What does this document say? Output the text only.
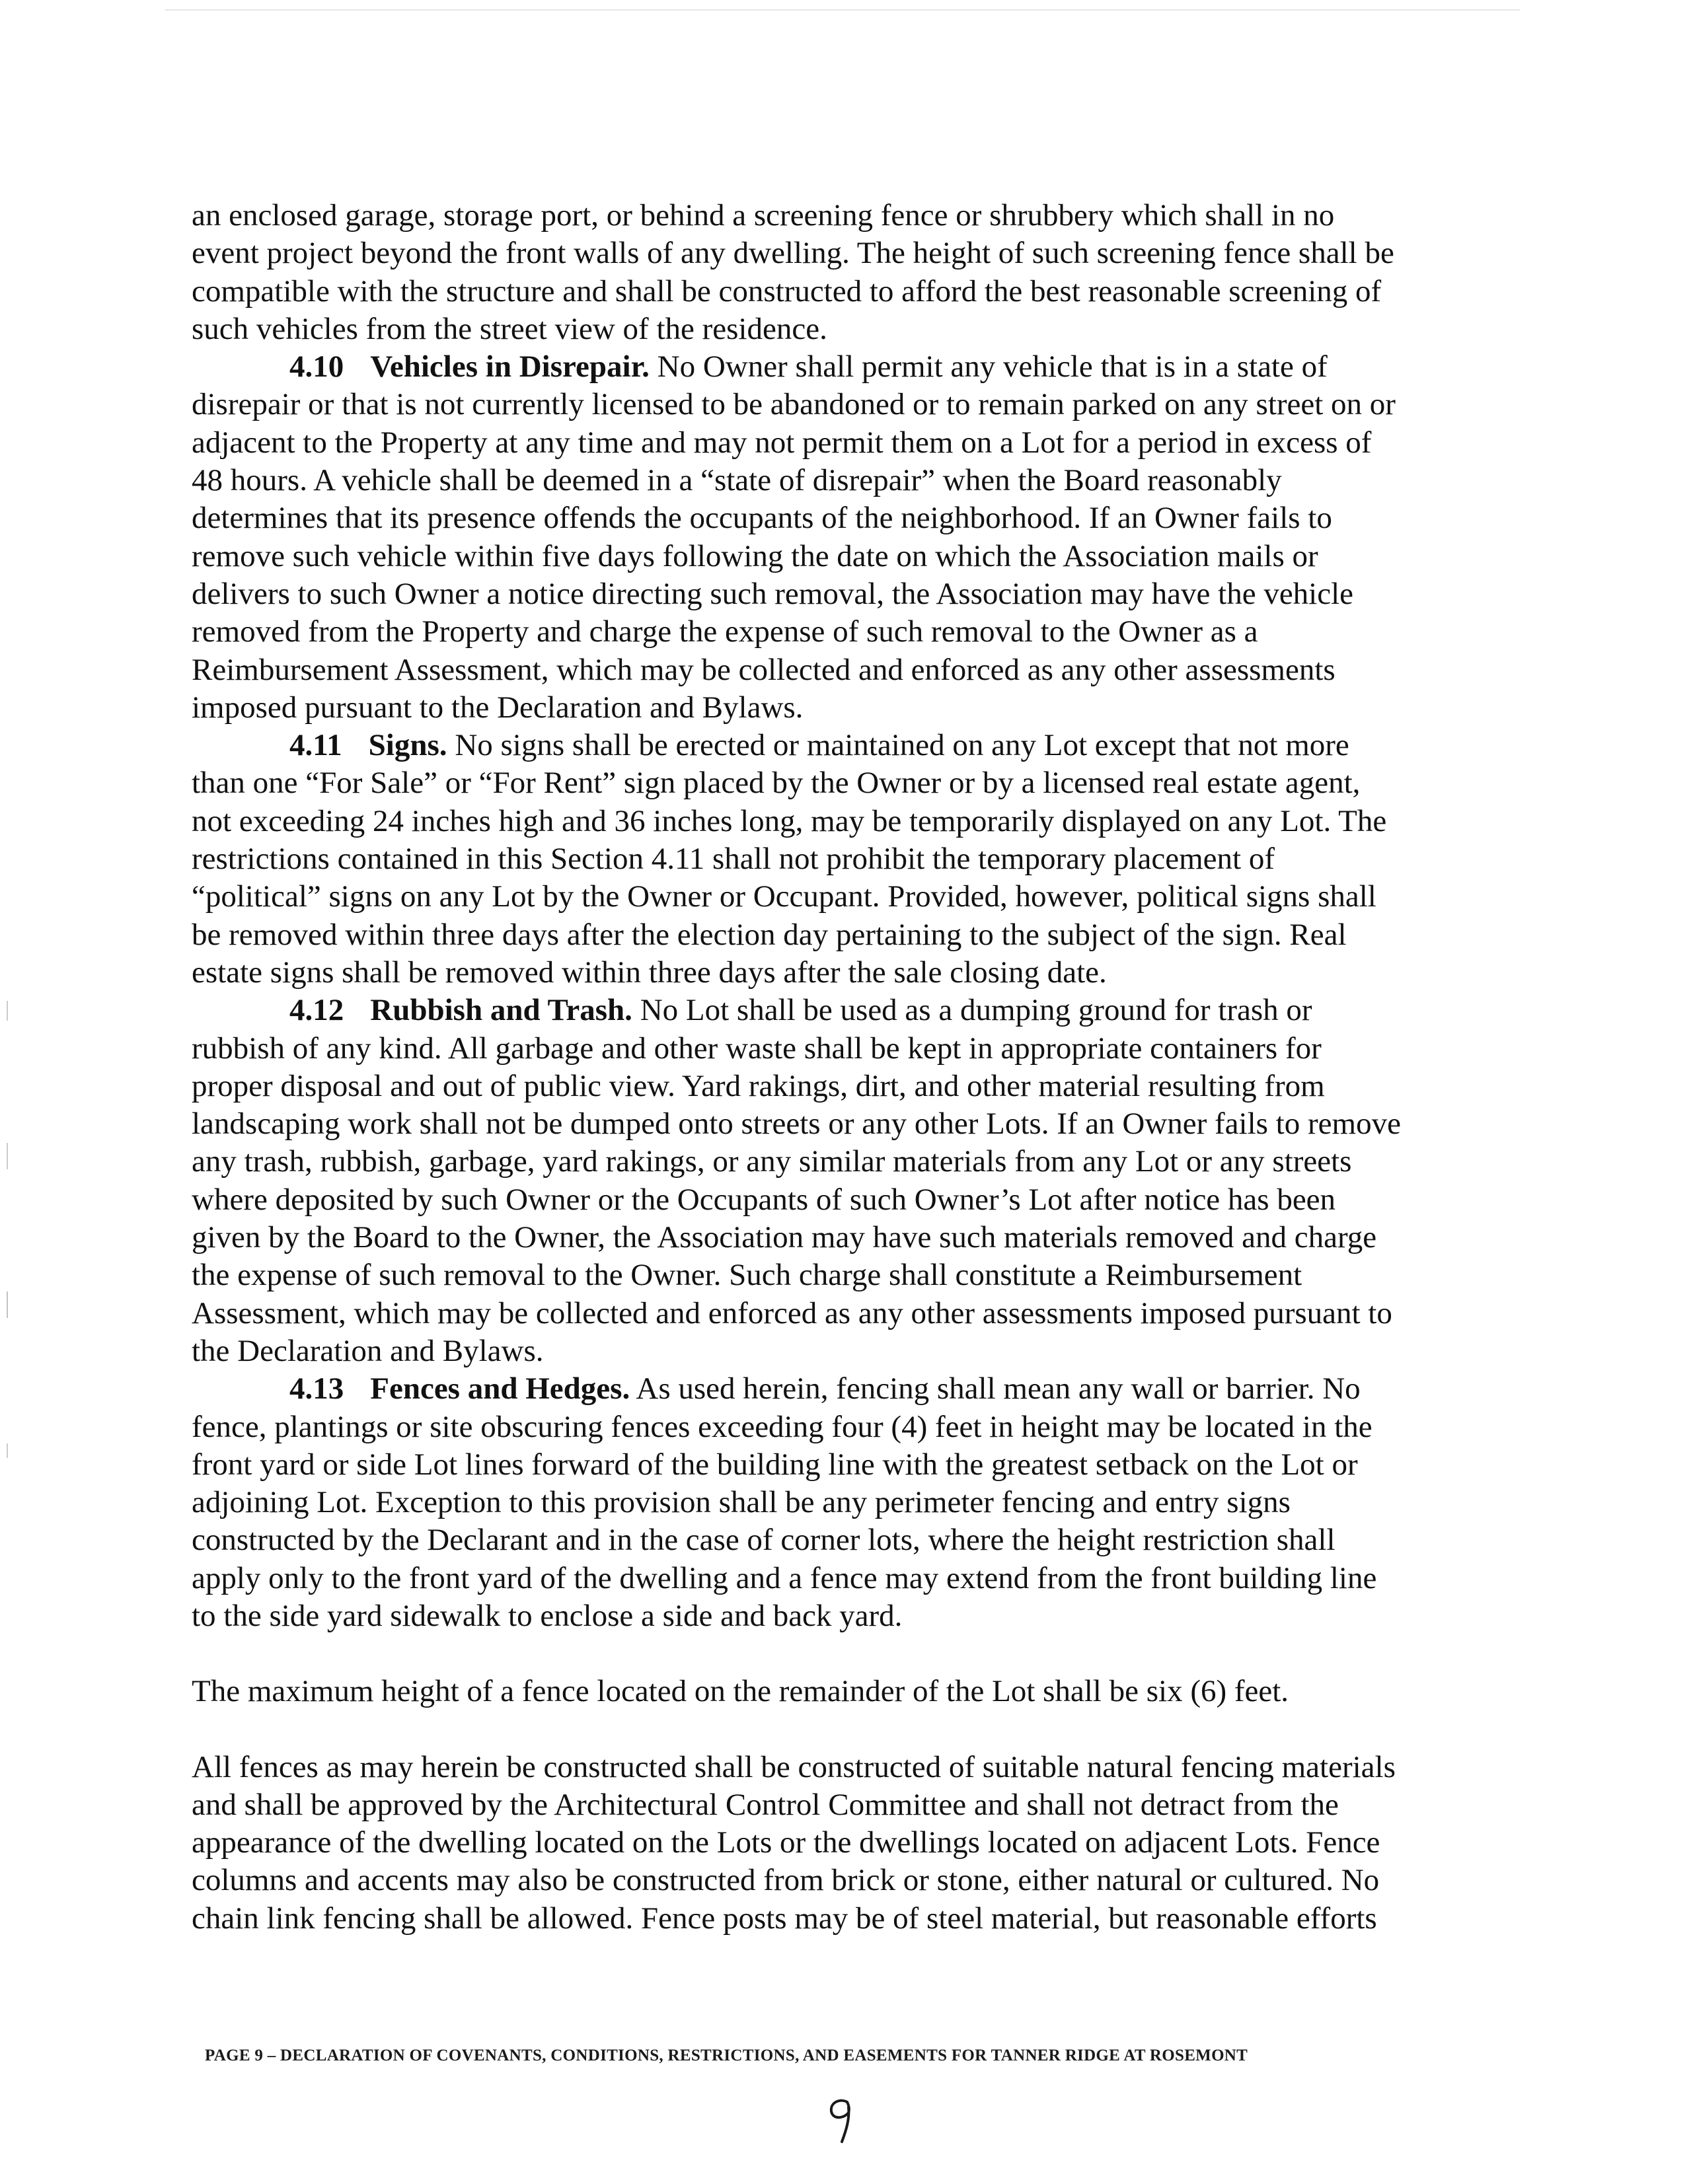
an enclosed garage, storage port, or behind a screening fence or shrubbery which shall in no
event project beyond the front walls of any dwelling. The height of such screening fence shall be
compatible with the structure and shall be constructed to afford the best reasonable screening of
such vehicles from the street view of the residence.

4.10 Vehicles in Disrepair. No Owner shall permit any vehicle that is in a state of
disrepair or that is not currently licensed to be abandoned or to remain parked on any street on or
adjacent to the Property at any time and may not permit them on a Lot for a period in excess of
48 hours. A vehicle shall be deemed in a “state of disrepair” when the Board reasonably
determines that its presence offends the occupants of the neighborhood. If an Owner fails to
remove such vehicle within five days following the date on which the Association mails or
delivers to such Owner a notice directing such removal, the Association may have the vehicle
removed from the Property and charge the expense of such removal to the Owner as a
Reimbursement Assessment, which may be collected and enforced as any other assessments
imposed pursuant to the Declaration and Bylaws.

4.11 Signs. No signs shall be erected or maintained on any Lot except that not more
than one “For Sale” or “For Rent” sign placed by the Owner or by a licensed real estate agent,
not exceeding 24 inches high and 36 inches long, may be temporarily displayed on any Lot. The
restrictions contained in this Section 4.11 shall not prohibit the temporary placement of
“political” signs on any Lot by the Owner or Occupant. Provided, however, political signs shall
be removed within three days after the election day pertaining to the subject of the sign. Real
estate signs shall be removed within three days after the sale closing date.

4.12 Rubbish and Trash. No Lot shall be used as a dumping ground for trash or
rubbish of any kind. All garbage and other waste shall be kept in appropriate containers for
proper disposal and out of public view. Yard rakings, dirt, and other material resulting from
landscaping work shall not be dumped onto streets or any other Lots. If an Owner fails to remove
any trash, rubbish, garbage, yard rakings, or any similar materials from any Lot or any streets
where deposited by such Owner or the Occupants of such Owner’s Lot after notice has been
given by the Board to the Owner, the Association may have such materials removed and charge
the expense of such removal to the Owner. Such charge shall constitute a Reimbursement
Assessment, which may be collected and enforced as any other assessments imposed pursuant to
the Declaration and Bylaws.

4.13 Fences and Hedges. As used herein, fencing shall mean any wall or barrier. No
fence, plantings or site obscuring fences exceeding four (4) feet in height may be located in the
front yard or side Lot lines forward of the building line with the greatest setback on the Lot or
adjoining Lot. Exception to this provision shall be any perimeter fencing and entry signs
constructed by the Declarant and in the case of corner lots, where the height restriction shall
apply only to the front yard of the dwelling and a fence may extend from the front building line
to the side yard sidewalk to enclose a side and back yard.

The maximum height of a fence located on the remainder of the Lot shall be six (6) feet.

All fences as may herein be constructed shall be constructed of suitable natural fencing materials
and shall be approved by the Architectural Control Committee and shall not detract from the
appearance of the dwelling located on the Lots or the dwellings located on adjacent Lots. Fence
columns and accents may also be constructed from brick or stone, either natural or cultured. No
chain link fencing shall be allowed. Fence posts may be of steel material, but reasonable efforts

PAGE 9 – DECLARATION OF COVENANTS, CONDITIONS, RESTRICTIONS, AND EASEMENTS FOR TANNER RIDGE AT ROSEMONT
